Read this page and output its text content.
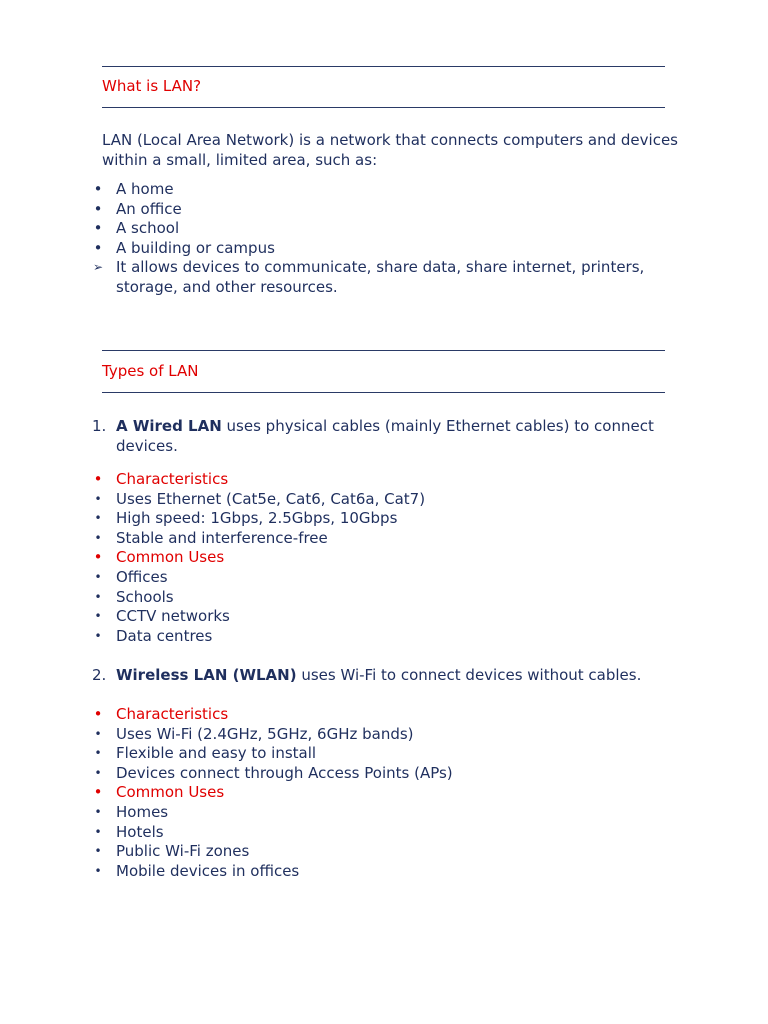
What is LAN?
LAN (Local Area Network) is a network that connects computers and devices within a small, limited area, such as:
• A home
• An office
• A school
• A building or campus
➢ It allows devices to communicate, share data, share internet, printers, storage, and other resources.
Types of LAN
1. A Wired LAN uses physical cables (mainly Ethernet cables) to connect devices.
• Characteristics
• Uses Ethernet (Cat5e, Cat6, Cat6a, Cat7)
• High speed: 1Gbps, 2.5Gbps, 10Gbps
• Stable and interference-free
• Common Uses
• Offices
• Schools
• CCTV networks
• Data centres
2. Wireless LAN (WLAN) uses Wi-Fi to connect devices without cables.
• Characteristics
• Uses Wi-Fi (2.4GHz, 5GHz, 6GHz bands)
• Flexible and easy to install
• Devices connect through Access Points (APs)
• Common Uses
• Homes
• Hotels
• Public Wi-Fi zones
• Mobile devices in offices
